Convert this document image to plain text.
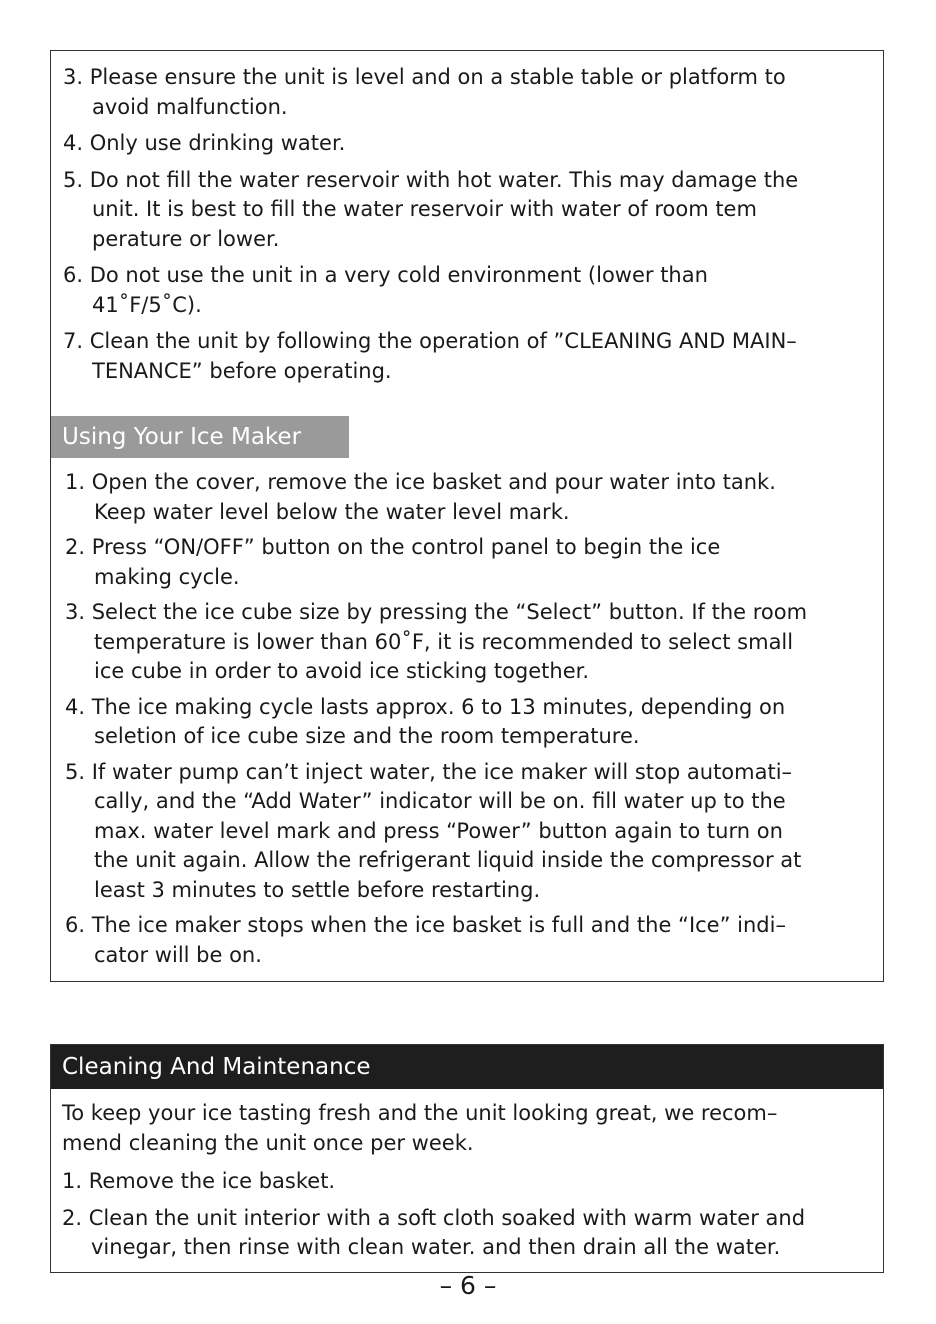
3. Please ensure the unit is level and on a stable table or platform to
avoid malfunction.
4. Only use drinking water.
5. Do not fill the water reservoir with hot water. This may damage the
unit. It is best to fill the water reservoir with water of room tem
perature or lower.
6. Do not use the unit in a very cold environment (lower than
41˚F/5˚C).
7. Clean the unit by following the operation of ”CLEANING AND MAIN–
TENANCE” before operating.
Using Your Ice Maker
1. Open the cover, remove the ice basket and pour water into tank.
Keep water level below the water level mark.
2. Press “ON/OFF” button on the control panel to begin the ice
making cycle.
3. Select the ice cube size by pressing the “Select” button. If the room
temperature is lower than 60˚F, it is recommended to select small
ice cube in order to avoid ice sticking together.
4. The ice making cycle lasts approx. 6 to 13 minutes, depending on
seletion of ice cube size and the room temperature.
5. If water pump can’t inject water, the ice maker will stop automati–
cally, and the “Add Water” indicator will be on. fill water up to the
max. water level mark and press “Power” button again to turn on
the unit again. Allow the refrigerant liquid inside the compressor at
least 3 minutes to settle before restarting.
6. The ice maker stops when the ice basket is full and the “Ice” indi–
cator will be on.
Cleaning And Maintenance
To keep your ice tasting fresh and the unit looking great, we recom–
mend cleaning the unit once per week.
1. Remove the ice basket.
2. Clean the unit interior with a soft cloth soaked with warm water and
vinegar, then rinse with clean water. and then drain all the water.
– 6 –
